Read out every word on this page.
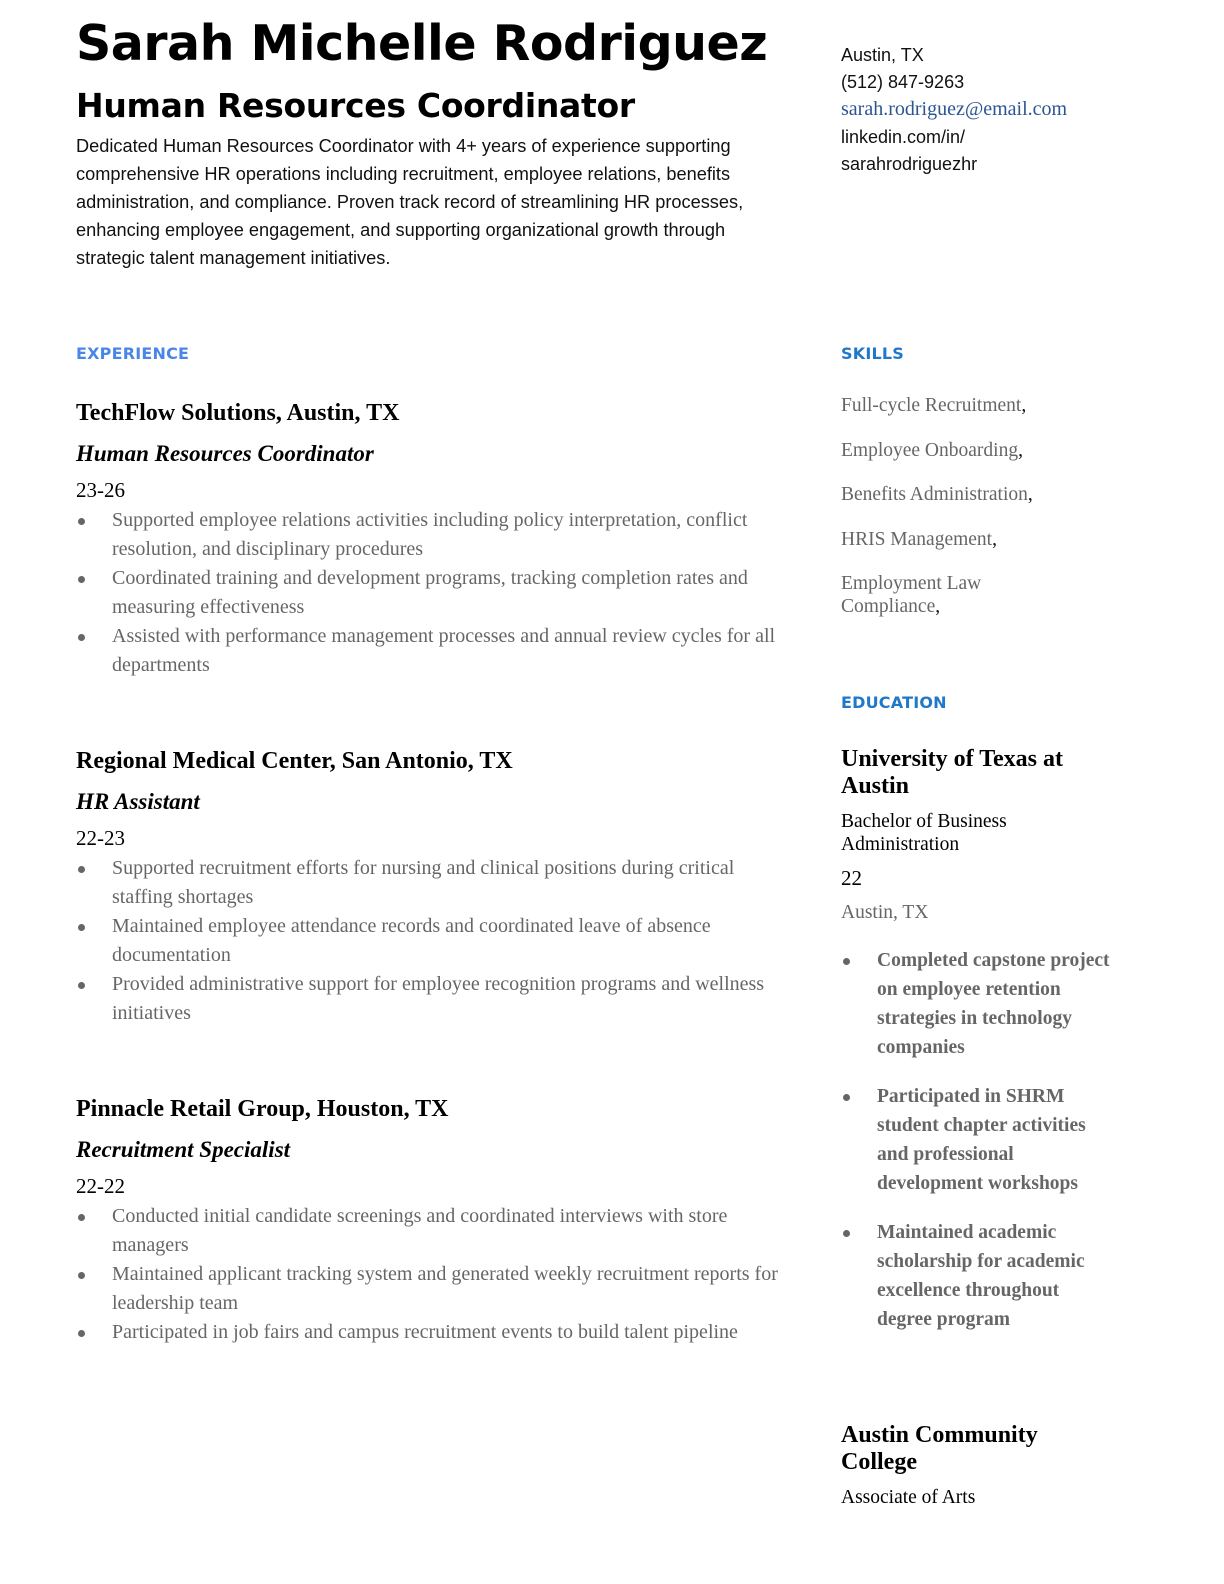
Sarah Michelle Rodriguez
Human Resources Coordinator

Dedicated Human Resources Coordinator with 4+ years of experience supporting comprehensive HR operations including recruitment, employee relations, benefits administration, and compliance. Proven track record of streamlining HR processes, enhancing employee engagement, and supporting organizational growth through strategic talent management initiatives.

EXPERIENCE
TechFlow Solutions, Austin, TX
Human Resources Coordinator
23-26
Supported employee relations activities including policy interpretation, conflict resolution, and disciplinary procedures
Coordinated training and development programs, tracking completion rates and measuring effectiveness
Assisted with performance management processes and annual review cycles for all departments
Regional Medical Center, San Antonio, TX
HR Assistant
22-23
Supported recruitment efforts for nursing and clinical positions during critical staffing shortages
Maintained employee attendance records and coordinated leave of absence documentation
Provided administrative support for employee recognition programs and wellness initiatives
Pinnacle Retail Group, Houston, TX
Recruitment Specialist
22-22
Conducted initial candidate screenings and coordinated interviews with store managers
Maintained applicant tracking system and generated weekly recruitment reports for leadership team
Participated in job fairs and campus recruitment events to build talent pipeline
Austin, TX
(512) 847-9263
sarah.rodriguez@email.com
linkedin.com/in/
sarahrodriguezhr
SKILLS
Full-cycle Recruitment,
Employee Onboarding,
Benefits Administration,
HRIS Management,
Employment Law Compliance,
EDUCATION
University of Texas at Austin
Bachelor of Business Administration
22
Austin, TX
Completed capstone project on employee retention strategies in technology companies
Participated in SHRM student chapter activities and professional development workshops
Maintained academic scholarship for academic excellence throughout degree program
Austin Community College
Associate of Arts
